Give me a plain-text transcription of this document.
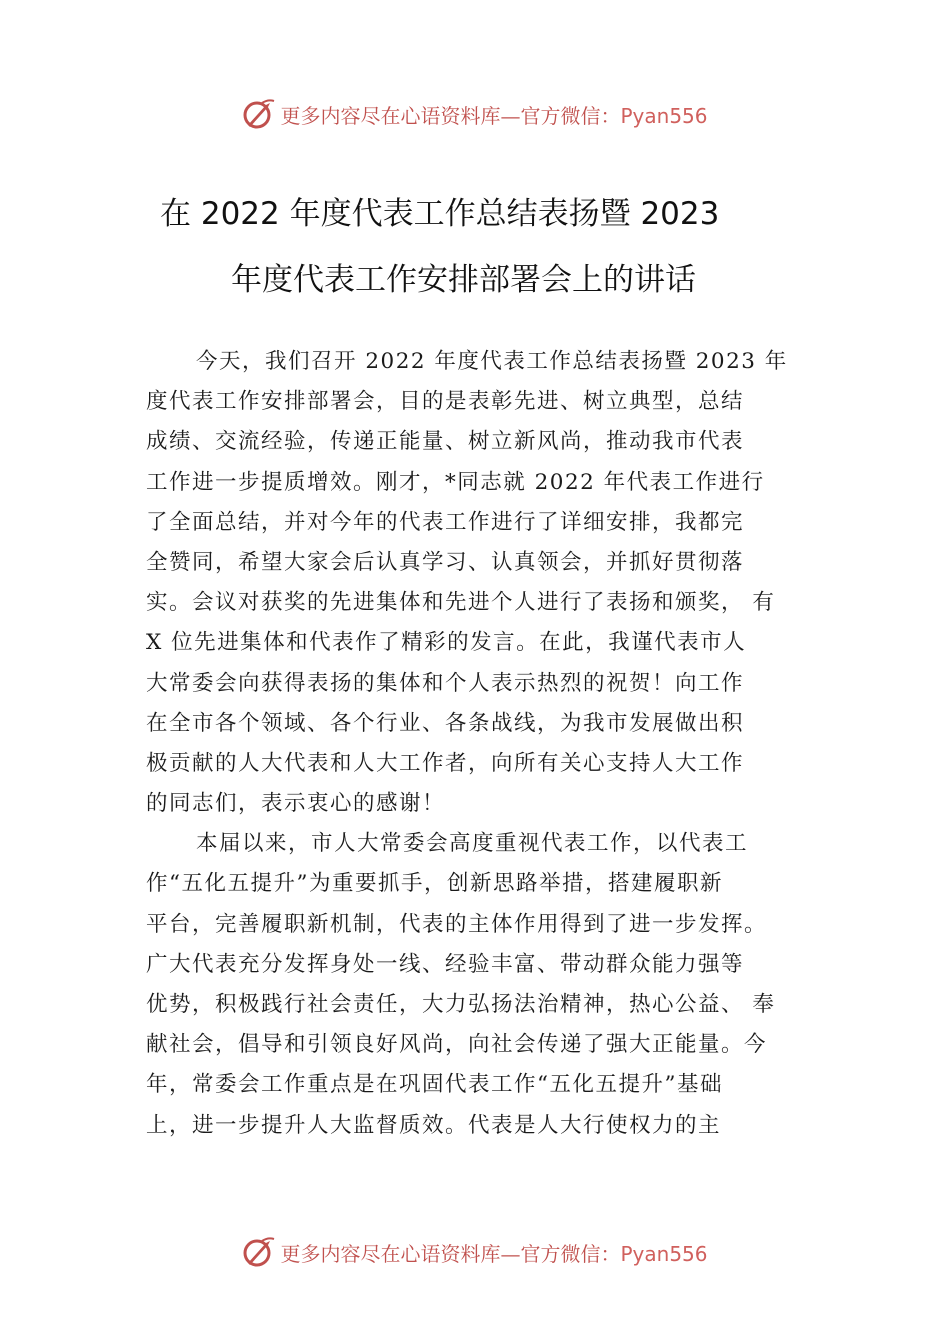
更多内容尽在心语资料库—官方微信：Pyan556
在 2022 年度代表工作总结表扬暨 2023
年度代表工作安排部署会上的讲话
今天，我们召开 2022 年度代表工作总结表扬暨 2023 年
度代表工作安排部署会，目的是表彰先进、树立典型，总结
成绩、交流经验，传递正能量、树立新风尚，推动我市代表
工作进一步提质增效。刚才，*同志就 2022 年代表工作进行
了全面总结，并对今年的代表工作进行了详细安排，我都完
全赞同，希望大家会后认真学习、认真领会，并抓好贯彻落
实。会议对获奖的先进集体和先进个人进行了表扬和颁奖， 有
X 位先进集体和代表作了精彩的发言。在此，我谨代表市人
大常委会向获得表扬的集体和个人表示热烈的祝贺！向工作
在全市各个领域、各个行业、各条战线，为我市发展做出积
极贡献的人大代表和人大工作者，向所有关心支持人大工作
的同志们，表示衷心的感谢！
本届以来，市人大常委会高度重视代表工作，以代表工
作“五化五提升”为重要抓手，创新思路举措，搭建履职新
平台，完善履职新机制，代表的主体作用得到了进一步发挥。
广大代表充分发挥身处一线、经验丰富、带动群众能力强等
优势，积极践行社会责任，大力弘扬法治精神，热心公益、 奉
献社会，倡导和引领良好风尚，向社会传递了强大正能量。今
年，常委会工作重点是在巩固代表工作“五化五提升”基础
上，进一步提升人大监督质效。代表是人大行使权力的主
更多内容尽在心语资料库—官方微信：Pyan556
